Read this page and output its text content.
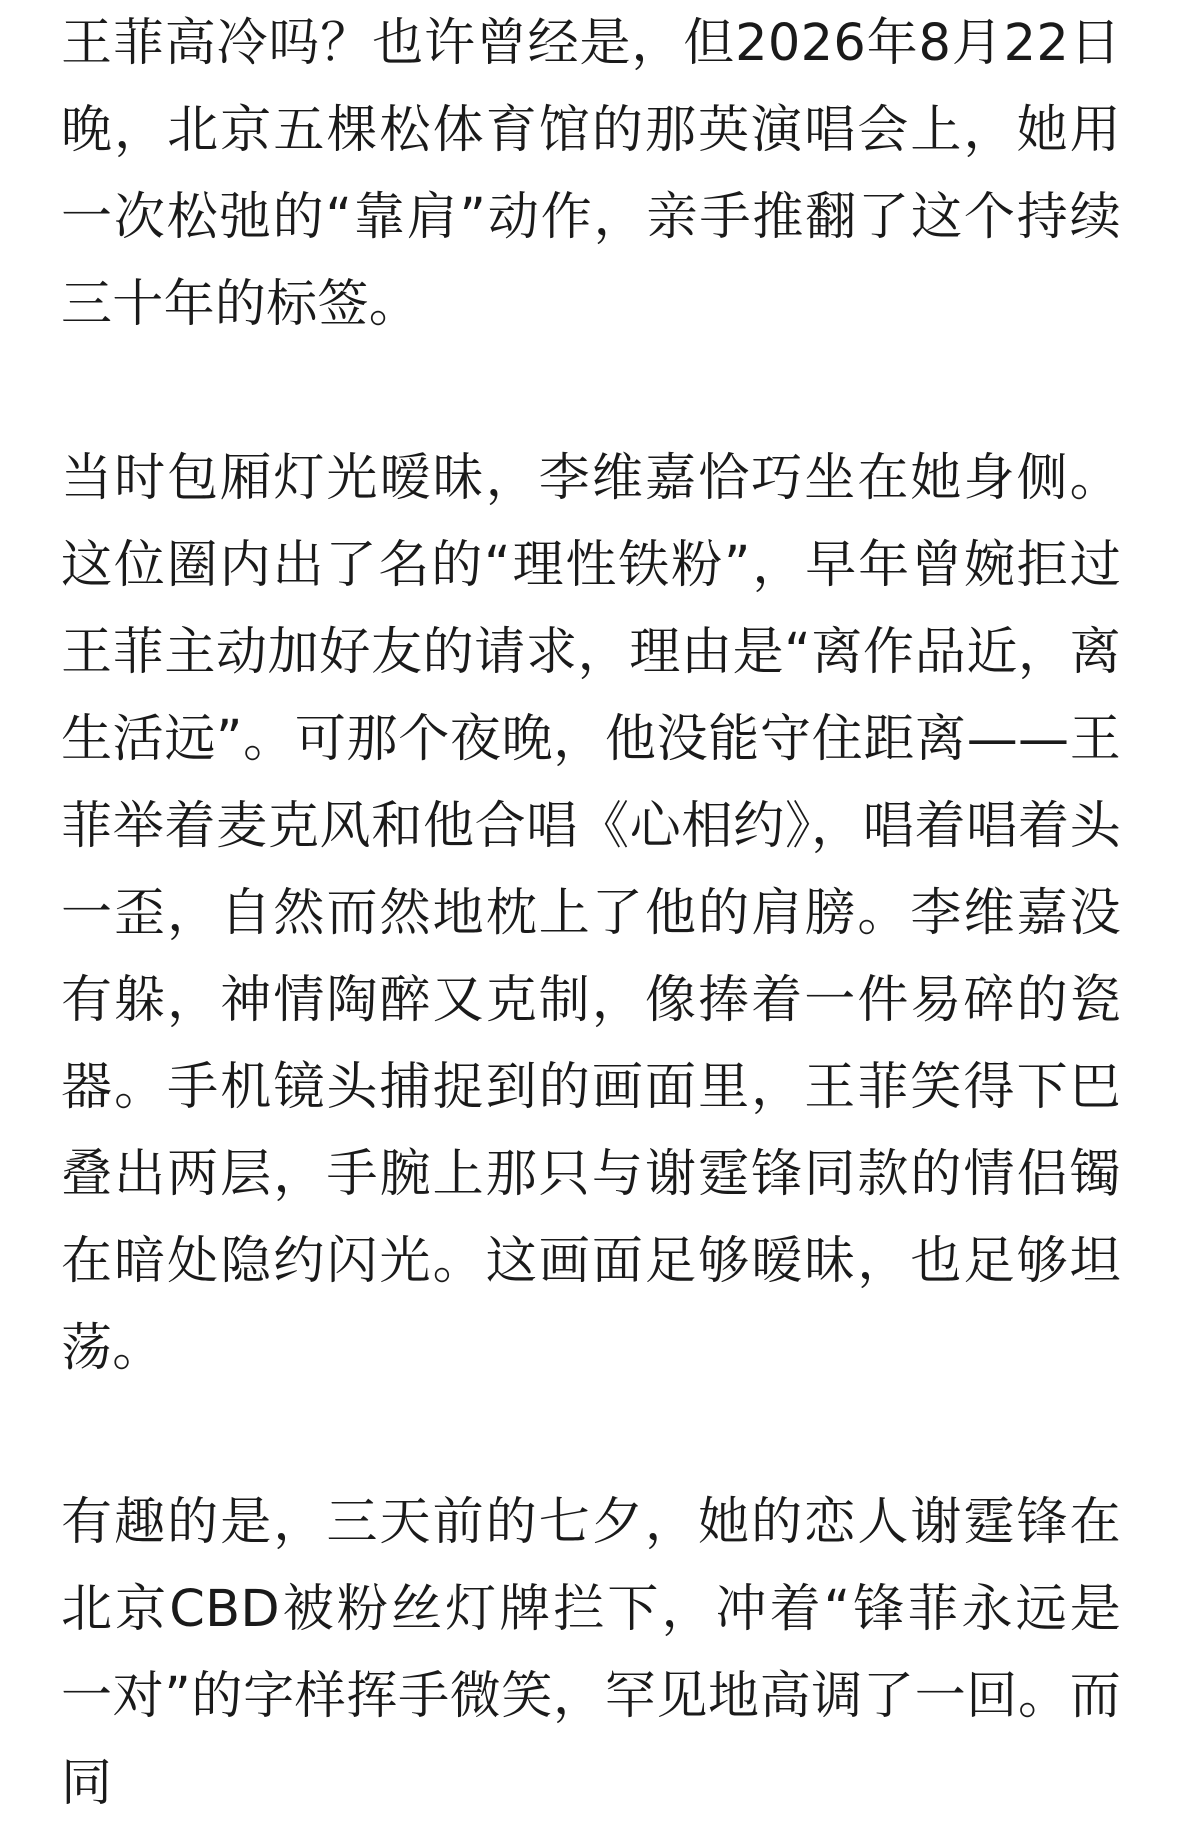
王菲高冷吗？也许曾经是，但2026年8月22日晚，北京五棵松体育馆的那英演唱会上，她用一次松弛的“靠肩”动作，亲手推翻了这个持续三十年的标签。

当时包厢灯光暧昧，李维嘉恰巧坐在她身侧。这位圈内出了名的“理性铁粉”，早年曾婉拒过王菲主动加好友的请求，理由是“离作品近，离生活远”。可那个夜晚，他没能守住距离——王菲举着麦克风和他合唱《心相约》，唱着唱着头一歪，自然而然地枕上了他的肩膀。李维嘉没有躲，神情陶醉又克制，像捧着一件易碎的瓷器。手机镜头捕捉到的画面里，王菲笑得下巴叠出两层，手腕上那只与谢霆锋同款的情侣镯在暗处隐约闪光。这画面足够暧昧，也足够坦荡。

有趣的是，三天前的七夕，她的恋人谢霆锋在北京CBD被粉丝灯牌拦下，冲着“锋菲永远是一对”的字样挥手微笑，罕见地高调了一回。而同
